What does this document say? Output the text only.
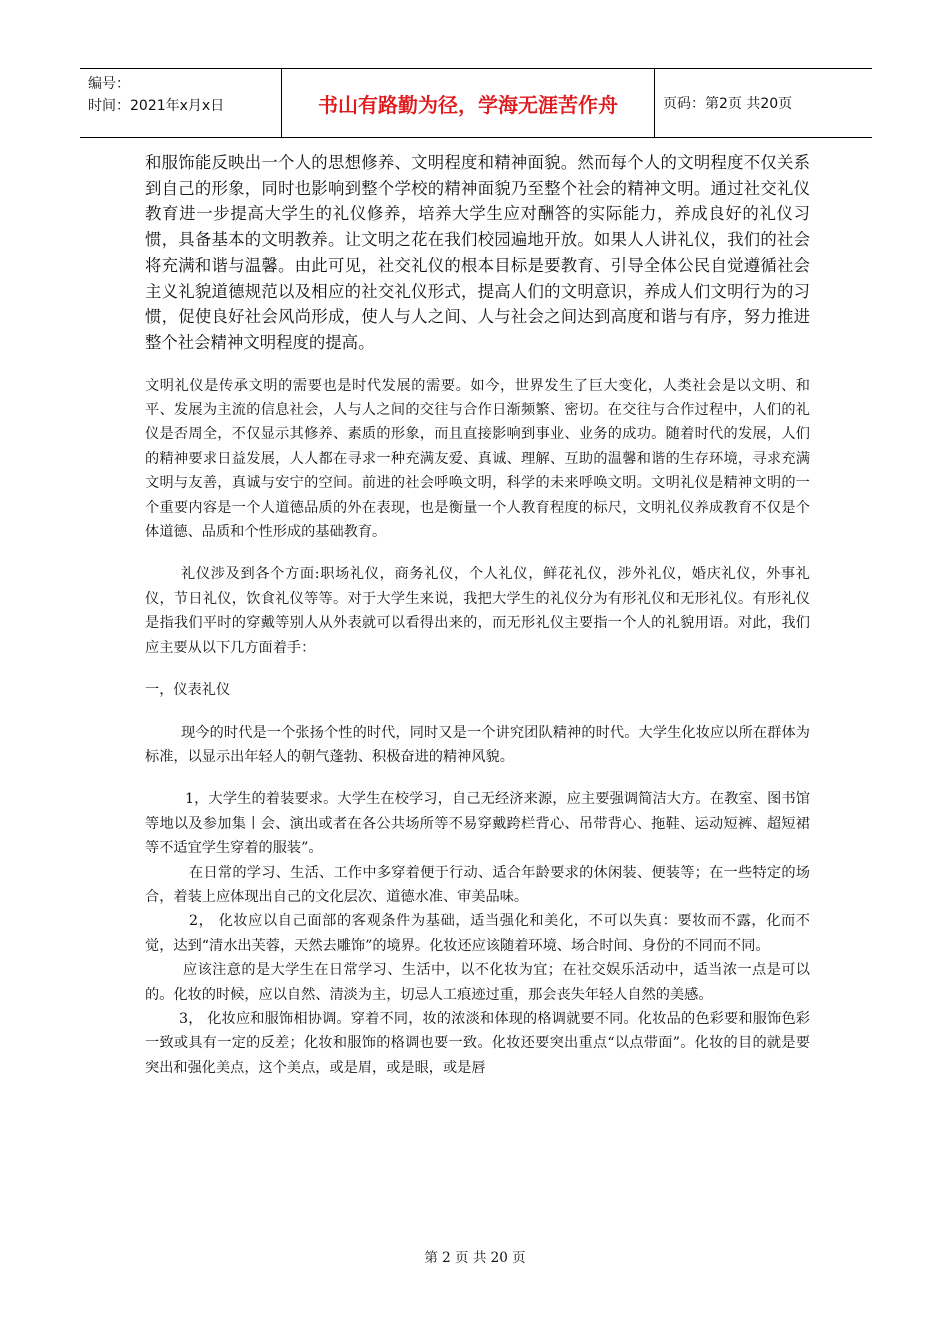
编号：
时间：2021年x月x日	书山有路勤为径，学海无涯苦作舟	页码：第2页 共20页

和服饰能反映出一个人的思想修养、文明程度和精神面貌。然而每个人的文明程度不仅关系到自己的形象，同时也影响到整个学校的精神面貌乃至整个社会的精神文明。通过社交礼仪教育进一步提高大学生的礼仪修养，培养大学生应对酬答的实际能力，养成良好的礼仪习惯，具备基本的文明教养。让文明之花在我们校园遍地开放。如果人人讲礼仪，我们的社会将充满和谐与温馨。由此可见，社交礼仪的根本目标是要教育、引导全体公民自觉遵循社会主义礼貌道德规范以及相应的社交礼仪形式，提高人们的文明意识，养成人们文明行为的习惯，促使良好社会风尚形成，使人与人之间、人与社会之间达到高度和谐与有序，努力推进整个社会精神文明程度的提高。

文明礼仪是传承文明的需要也是时代发展的需要。如今，世界发生了巨大变化，人类社会是以文明、和平、发展为主流的信息社会，人与人之间的交往与合作日渐频繁、密切。在交往与合作过程中，人们的礼仪是否周全，不仅显示其修养、素质的形象，而且直接影响到事业、业务的成功。随着时代的发展，人们的精神要求日益发展，人人都在寻求一种充满友爱、真诚、理解、互助的温馨和谐的生存环境，寻求充满文明与友善，真诚与安宁的空间。前进的社会呼唤文明，科学的未来呼唤文明。文明礼仪是精神文明的一个重要内容是一个人道德品质的外在表现，也是衡量一个人教育程度的标尺，文明礼仪养成教育不仅是个体道德、品质和个性形成的基础教育。

礼仪涉及到各个方面:职场礼仪，商务礼仪，个人礼仪，鲜花礼仪，涉外礼仪，婚庆礼仪，外事礼仪，节日礼仪，饮食礼仪等等。对于大学生来说，我把大学生的礼仪分为有形礼仪和无形礼仪。有形礼仪是指我们平时的穿戴等别人从外表就可以看得出来的，而无形礼仪主要指一个人的礼貌用语。对此，我们应主要从以下几方面着手：

一，仪表礼仪

现今的时代是一个张扬个性的时代，同时又是一个讲究团队精神的时代。大学生化妆应以所在群体为标准，以显示出年轻人的朝气蓬勃、积极奋进的精神风貌。

1，大学生的着装要求。大学生在校学习，自己无经济来源，应主要强调简洁大方。在教室、图书馆等地以及参加集丨会、演出或者在各公共场所等不易穿戴跨栏背心、吊带背心、拖鞋、运动短裤、超短裙等不适宜学生穿着的服装”。

在日常的学习、生活、工作中多穿着便于行动、适合年龄要求的休闲装、便装等；在一些特定的场合，着装上应体现出自己的文化层次、道德水准、审美品味。

2， 化妆应以自己面部的客观条件为基础，适当强化和美化，不可以失真：要妆而不露，化而不觉，达到“清水出芙蓉，天然去雕饰”的境界。化妆还应该随着环境、场合时间、身份的不同而不同。

应该注意的是大学生在日常学习、生活中，以不化妆为宜；在社交娱乐活动中，适当浓一点是可以的。化妆的时候，应以自然、清淡为主，切忌人工痕迹过重，那会丧失年轻人自然的美感。

3， 化妆应和服饰相协调。穿着不同，妆的浓淡和体现的格调就要不同。化妆品的色彩要和服饰色彩一致或具有一定的反差；化妆和服饰的格调也要一致。化妆还要突出重点“以点带面”。化妆的目的就是要突出和强化美点，这个美点，或是眉，或是眼，或是唇

第 2 页 共 20 页
